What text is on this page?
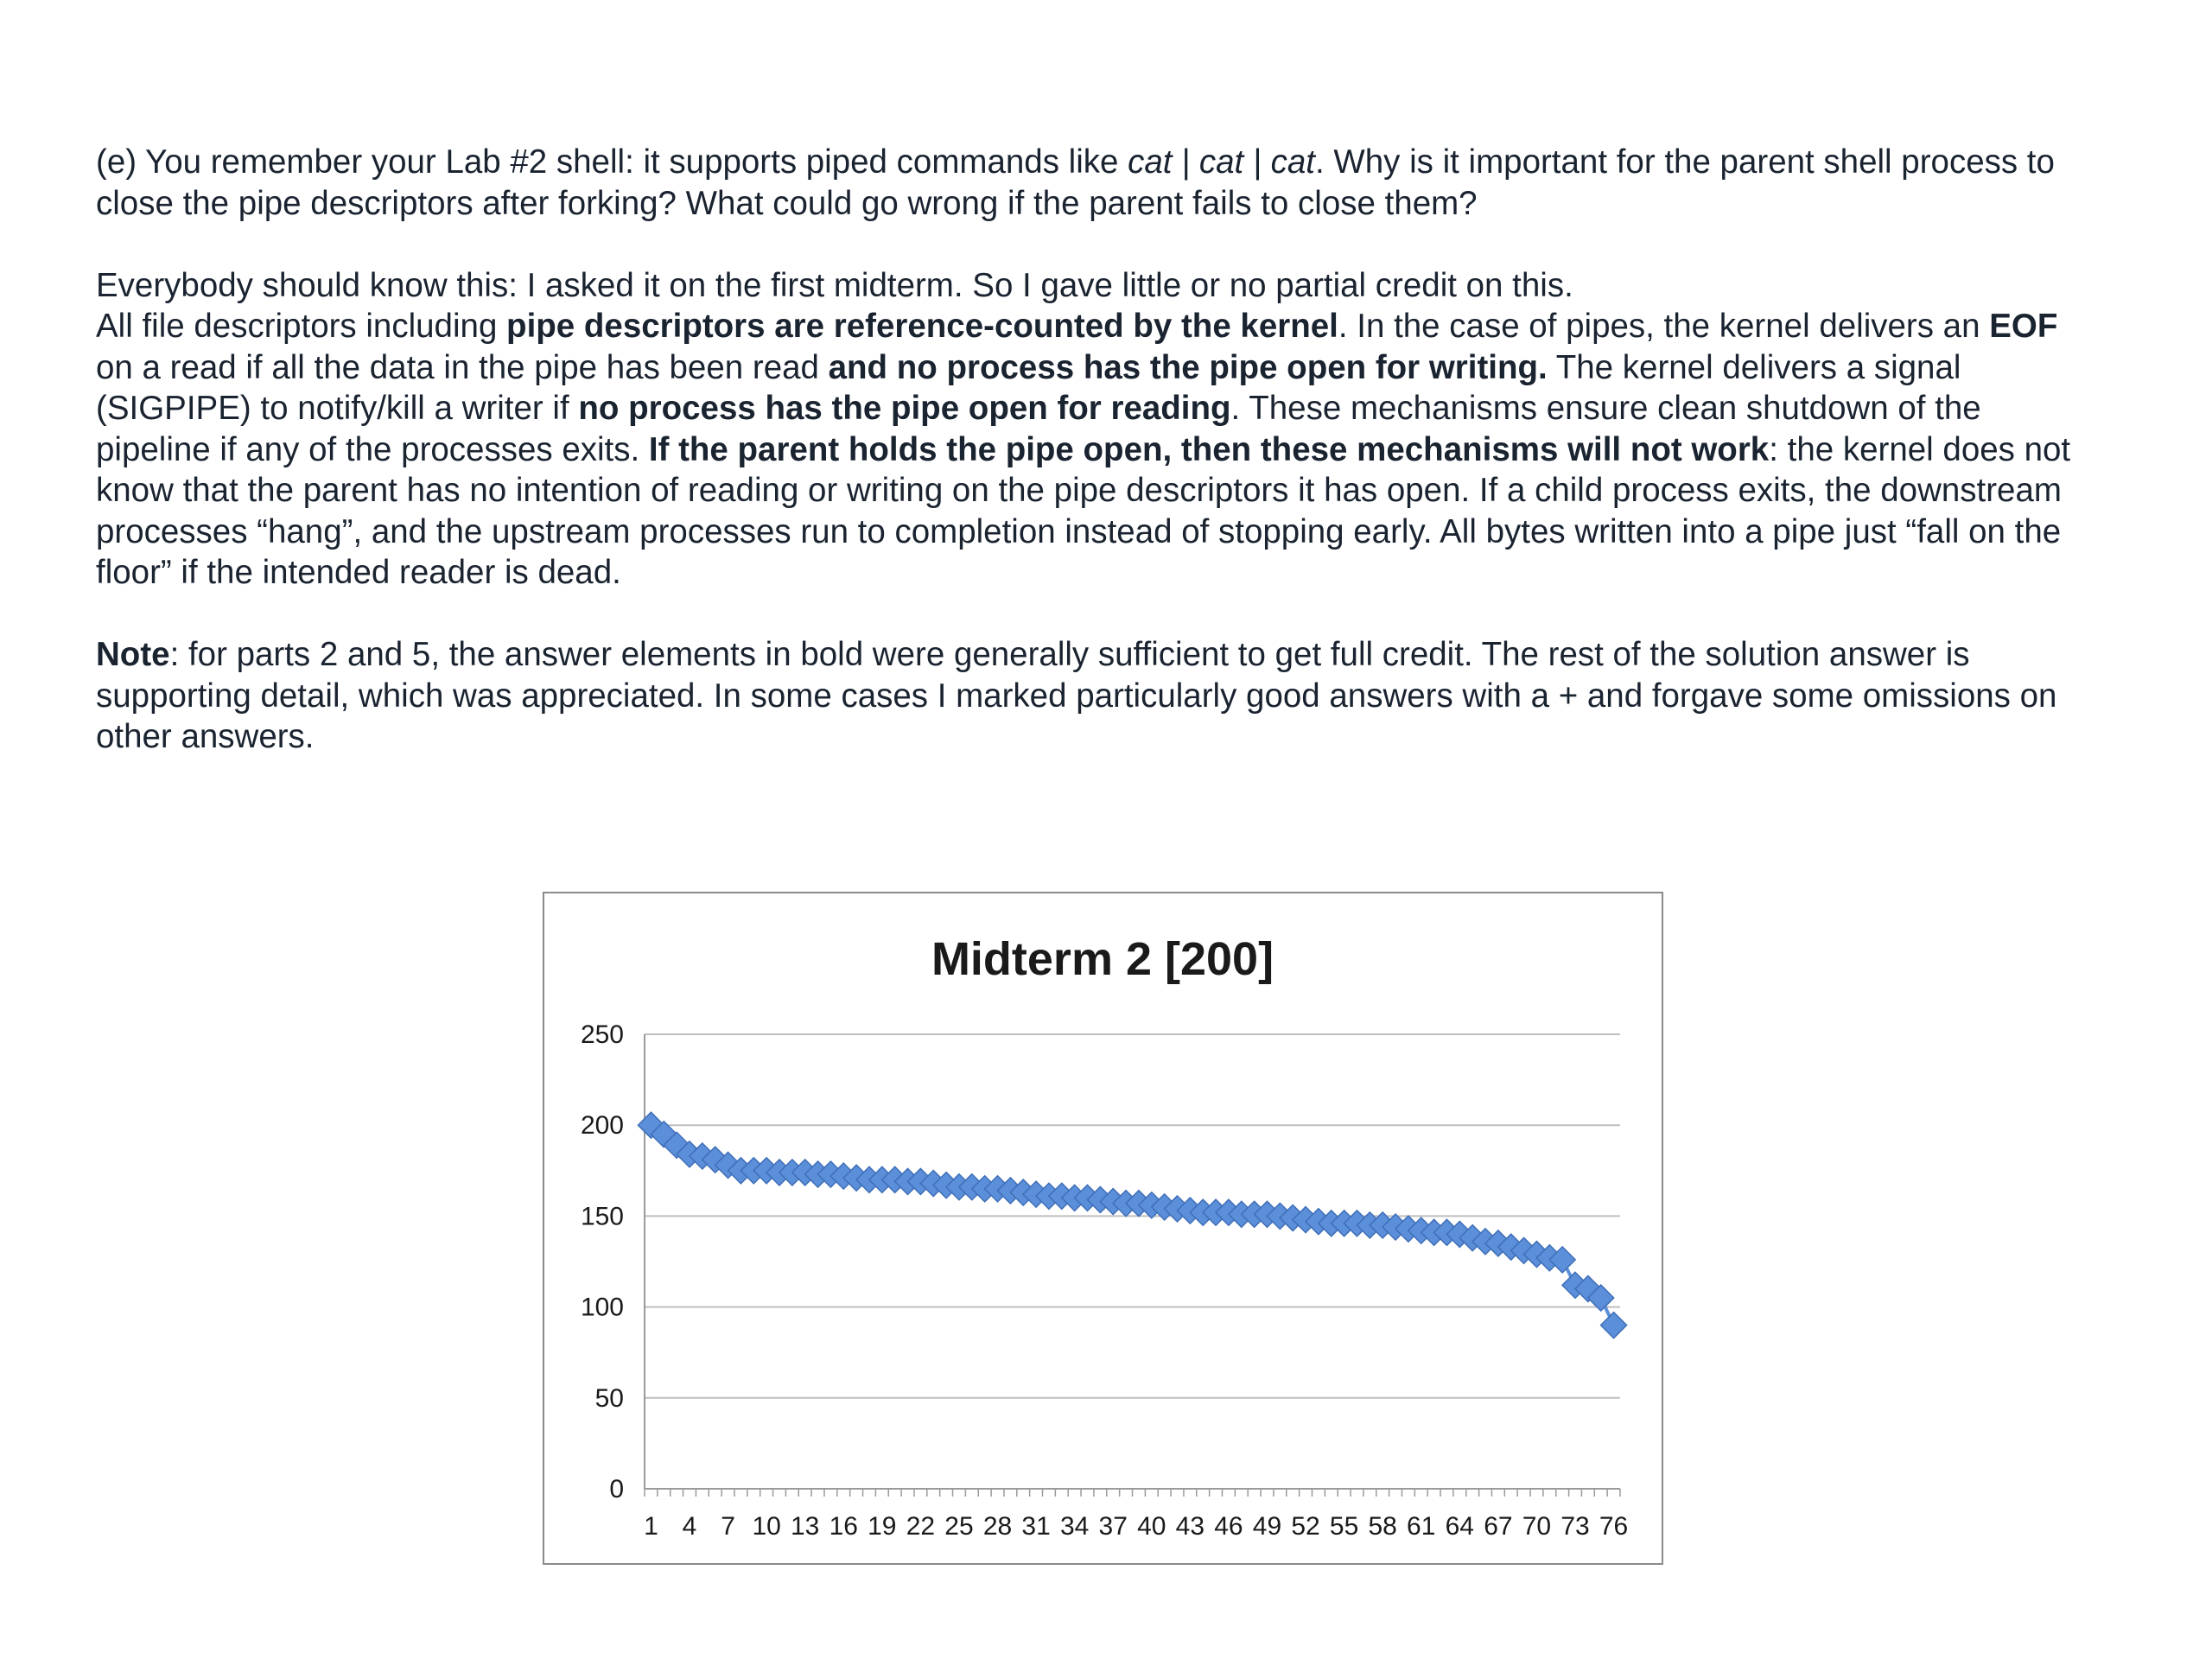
(e) You remember your Lab #2 shell: it supports piped commands like cat | cat | cat. Why is it important for the parent shell process to close the pipe descriptors after forking? What could go wrong if the parent fails to close them?

Everybody should know this: I asked it on the first midterm. So I gave little or no partial credit on this.
All file descriptors including pipe descriptors are reference-counted by the kernel. In the case of pipes, the kernel delivers an EOF on a read if all the data in the pipe has been read and no process has the pipe open for writing. The kernel delivers a signal (SIGPIPE) to notify/kill a writer if no process has the pipe open for reading. These mechanisms ensure clean shutdown of the pipeline if any of the processes exits. If the parent holds the pipe open, then these mechanisms will not work: the kernel does not know that the parent has no intention of reading or writing on the pipe descriptors it has open. If a child process exits, the downstream processes “hang”, and the upstream processes run to completion instead of stopping early. All bytes written into a pipe just “fall on the floor” if the intended reader is dead.

Note: for parts 2 and 5, the answer elements in bold were generally sufficient to get full credit. The rest of the solution answer is supporting detail, which was appreciated. In some cases I marked particularly good answers with a + and forgave some omissions on other answers.

Midterm 2 [200]
0
50
100
150
200
250
1 4 7 10 13 16 19 22 25 28 31 34 37 40 43 46 49 52 55 58 61 64 67 70 73 76
